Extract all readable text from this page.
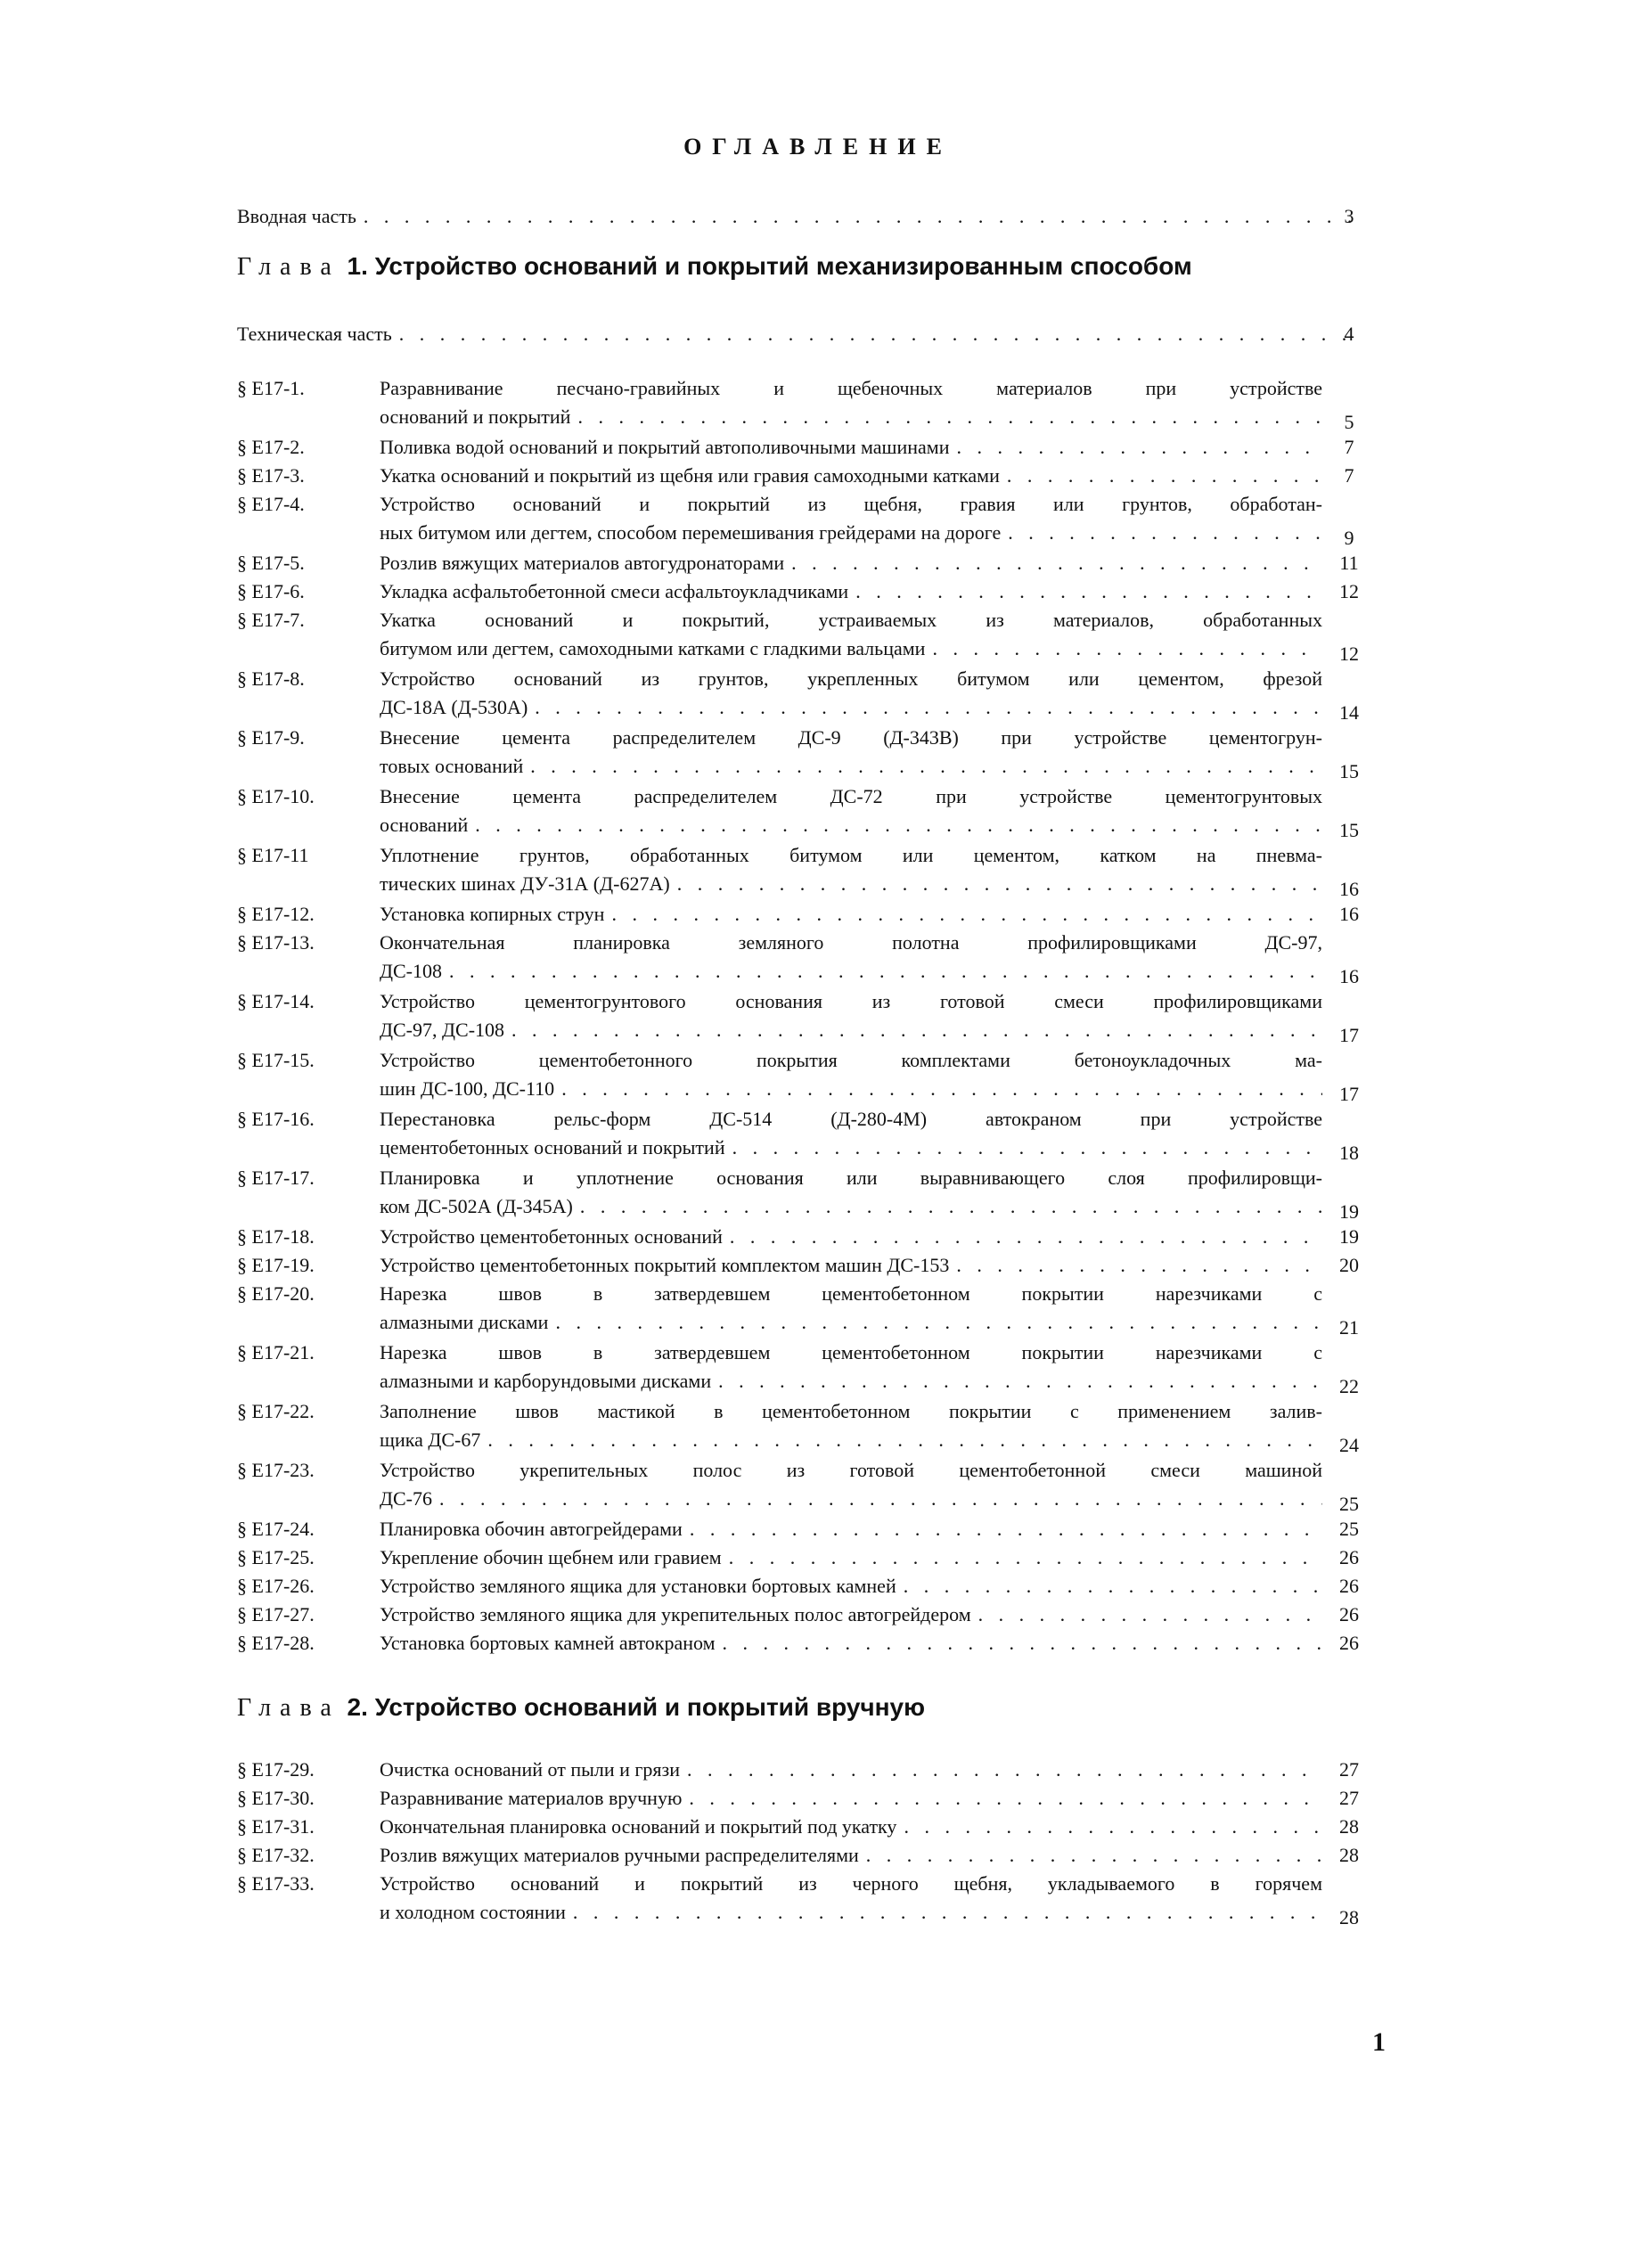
ОГЛАВЛЕНИЕ
Вводная часть . . .	3
Глава 1. Устройство оснований и покрытий механизированным способом
Техническая часть . . .	4
§ Е17-1.	Разравнивание песчано-гравийных и щебеночных материалов при устройстве
оснований и покрытий . . .	5
§ Е17-2.	Поливка водой оснований и покрытий автополивочными машинами . . .	7
§ Е17-3.	Укатка оснований и покрытий из щебня или гравия самоходными катками . . .	7
§ Е17-4.	Устройство оснований и покрытий из щебня, гравия или грунтов, обработан-
ных битумом или дегтем, способом перемешивания грейдерами на дороге . . .	9
§ Е17-5.	Розлив вяжущих материалов автогудронаторами . . .	11
§ Е17-6.	Укладка асфальтобетонной смеси асфальтоукладчиками . . .	12
§ Е17-7.	Укатка оснований и покрытий, устраиваемых из материалов, обработанных
битумом или дегтем, самоходными катками с гладкими вальцами . . .	12
§ Е17-8.	Устройство оснований из грунтов, укрепленных битумом или цементом, фрезой
ДС-18А (Д-530А) . . .	14
§ Е17-9.	Внесение цемента распределителем ДС-9 (Д-343В) при устройстве цементогрун-
товых оснований . . .	15
§ Е17-10.	Внесение цемента распределителем ДС-72 при устройстве цементогрунтовых
оснований . . .	15
§ Е17-11	Уплотнение грунтов, обработанных битумом или цементом, катком на пневма-
тических шинах ДУ-31А (Д-627А) . . .	16
§ Е17-12.	Установка копирных струн . . .	16
§ Е17-13.	Окончательная планировка земляного полотна профилировщиками ДС-97,
ДС-108 . . .	16
§ Е17-14.	Устройство цементогрунтового основания из готовой смеси профилировщиками
ДС-97, ДС-108 . . .	17
§ Е17-15.	Устройство цементобетонного покрытия комплектами бетоноукладочных ма-
шин ДС-100, ДС-110 . . .	17
§ Е17-16.	Перестановка рельс-форм ДС-514 (Д-280-4М) автокраном при устройстве
цементобетонных оснований и покрытий . . .	18
§ Е17-17.	Планировка и уплотнение основания или выравнивающего слоя профилировщи-
ком ДС-502А (Д-345А) . . .	19
§ Е17-18.	Устройство цементобетонных оснований . . .	19
§ Е17-19.	Устройство цементобетонных покрытий комплектом машин ДС-153 . . .	20
§ Е17-20.	Нарезка швов в затвердевшем цементобетонном покрытии нарезчиками с
алмазными дисками . . .	21
§ Е17-21.	Нарезка швов в затвердевшем цементобетонном покрытии нарезчиками с
алмазными и карборундовыми дисками . . .	22
§ Е17-22.	Заполнение швов мастикой в цементобетонном покрытии с применением залив-
щика ДС-67 . . .	24
§ Е17-23.	Устройство укрепительных полос из готовой цементобетонной смеси машиной
ДС-76 . . .	25
§ Е17-24.	Планировка обочин автогрейдерами . . .	25
§ Е17-25.	Укрепление обочин щебнем или гравием . . .	26
§ Е17-26.	Устройство земляного ящика для установки бортовых камней . . .	26
§ Е17-27.	Устройство земляного ящика для укрепительных полос автогрейдером . . .	26
§ Е17-28.	Установка бортовых камней автокраном . . .	26
Глава 2. Устройство оснований и покрытий вручную
§ Е17-29.	Очистка оснований от пыли и грязи . . .	27
§ Е17-30.	Разравнивание материалов вручную . . .	27
§ Е17-31.	Окончательная планировка оснований и покрытий под укатку . . .	28
§ Е17-32.	Розлив вяжущих материалов ручными распределителями . . .	28
§ Е17-33.	Устройство оснований и покрытий из черного щебня, укладываемого в горячем
и холодном состоянии . . .	28
1
